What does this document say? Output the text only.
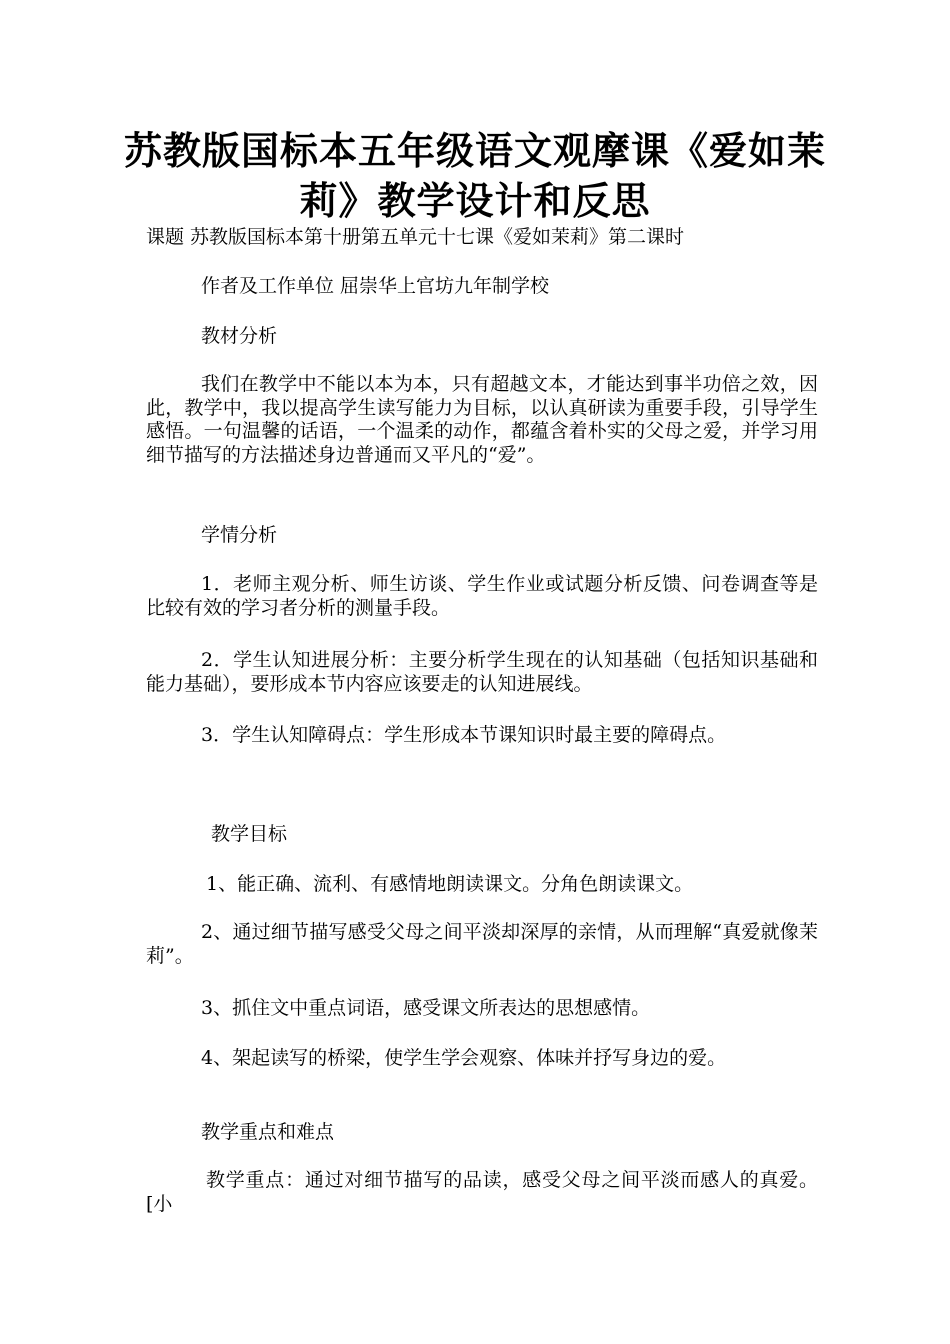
苏教版国标本五年级语文观摩课《爱如茉莉》教学设计和反思

课题 苏教版国标本第十册第五单元十七课《爱如茉莉》第二课时

作者及工作单位 屈崇华上官坊九年制学校

教材分析

我们在教学中不能以本为本，只有超越文本，才能达到事半功倍之效，因此，教学中，我以提高学生读写能力为目标，以认真研读为重要手段，引导学生感悟。一句温馨的话语，一个温柔的动作，都蕴含着朴实的父母之爱，并学习用细节描写的方法描述身边普通而又平凡的“爱”。

学情分析

1．老师主观分析、师生访谈、学生作业或试题分析反馈、问卷调查等是比较有效的学习者分析的测量手段。

2．学生认知进展分析：主要分析学生现在的认知基础（包括知识基础和能力基础），要形成本节内容应该要走的认知进展线。

3．学生认知障碍点：学生形成本节课知识时最主要的障碍点。

教学目标

1、能正确、流利、有感情地朗读课文。分角色朗读课文。

2、通过细节描写感受父母之间平淡却深厚的亲情，从而理解“真爱就像茉莉”。

3、抓住文中重点词语，感受课文所表达的思想感情。

4、架起读写的桥梁，使学生学会观察、体味并抒写身边的爱。

教学重点和难点

教学重点：通过对细节描写的品读，感受父母之间平淡而感人的真爱。[小
